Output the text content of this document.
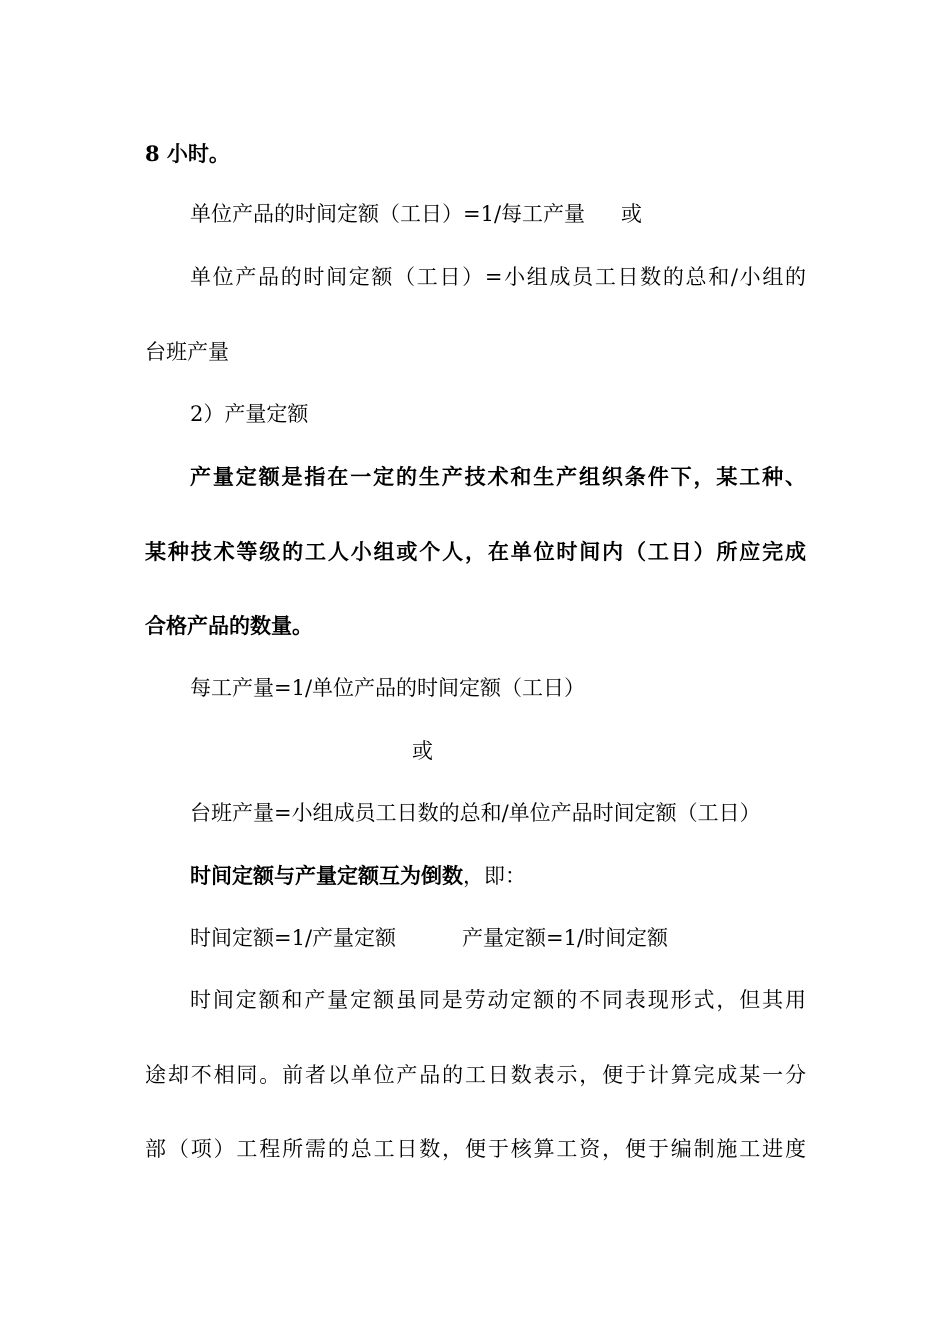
8 小时。

单位产品的时间定额（工日）=1/每工产量 或

单位产品的时间定额（工日）=小组成员工日数的总和/小组的

台班产量

2）产量定额

产量定额是指在一定的生产技术和生产组织条件下，某工种、

某种技术等级的工人小组或个人，在单位时间内（工日）所应完成

合格产品的数量。

每工产量=1/单位产品的时间定额（工日）

或

台班产量=小组成员工日数的总和/单位产品时间定额（工日）

时间定额与产量定额互为倒数，即：

时间定额=1/产量定额	产量定额=1/时间定额

时间定额和产量定额虽同是劳动定额的不同表现形式，但其用

途却不相同。前者以单位产品的工日数表示，便于计算完成某一分

部（项）工程所需的总工日数，便于核算工资，便于编制施工进度
